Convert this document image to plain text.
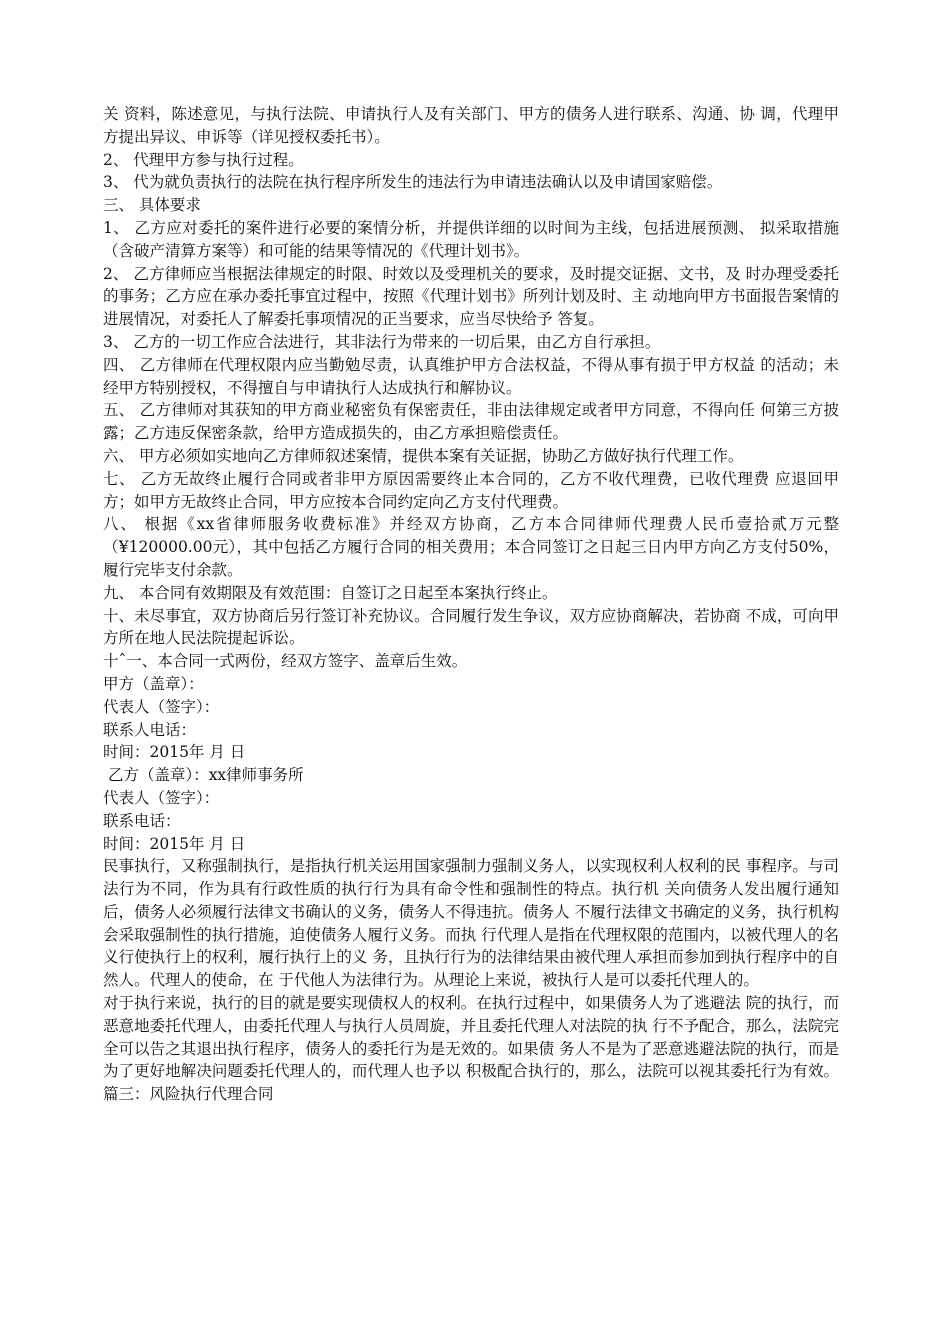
关 资料，陈述意见，与执行法院、申请执行人及有关部门、甲方的债务人进行联系、沟通、协 调，代理甲方提出异议、申诉等（详见授权委托书）。

2、 代理甲方参与执行过程。

3、 代为就负责执行的法院在执行程序所发生的违法行为申请违法确认以及申请国家赔偿。

三、 具体要求

1、 乙方应对委托的案件进行必要的案情分析，并提供详细的以时间为主线，包括进展预测、 拟采取措施（含破产清算方案等）和可能的结果等情况的《代理计划书》。

2、 乙方律师应当根据法律规定的时限、时效以及受理机关的要求，及时提交证据、文书，及 时办理受委托的事务；乙方应在承办委托事宜过程中，按照《代理计划书》所列计划及时、主 动地向甲方书面报告案情的进展情况，对委托人了解委托事项情况的正当要求，应当尽快给予 答复。

3、 乙方的一切工作应合法进行，其非法行为带来的一切后果，由乙方自行承担。

四、 乙方律师在代理权限内应当勤勉尽责，认真维护甲方合法权益，不得从事有损于甲方权益 的活动；未经甲方特别授权，不得擅自与申请执行人达成执行和解协议。

五、 乙方律师对其获知的甲方商业秘密负有保密责任，非由法律规定或者甲方同意，不得向任 何第三方披露；乙方违反保密条款，给甲方造成损失的，由乙方承担赔偿责任。

六、 甲方必须如实地向乙方律师叙述案情，提供本案有关证据，协助乙方做好执行代理工作。

七、 乙方无故终止履行合同或者非甲方原因需要终止本合同的，乙方不收代理费，已收代理费 应退回甲方；如甲方无故终止合同，甲方应按本合同约定向乙方支付代理费。

八、 根据《xx省律师服务收费标准》并经双方协商，乙方本合同律师代理费人民币壹拾贰万元整（¥120000.00元），其中包括乙方履行合同的相关费用；本合同签订之日起三日内甲方向乙方支付50%，履行完毕支付余款。

九、 本合同有效期限及有效范围：自签订之日起至本案执行终止。

十、未尽事宜，双方协商后另行签订补充协议。合同履行发生争议，双方应协商解决，若协商 不成，可向甲方所在地人民法院提起诉讼。

十ˆ一、本合同一式两份，经双方签字、盖章后生效。

甲方（盖章）：

代表人（签字）：

联系人电话：

时间：2015年 月 日

乙方（盖章）：xx律师事务所

代表人（签字）：

联系电话：

时间：2015年 月 日

民事执行，又称强制执行，是指执行机关运用国家强制力强制义务人，以实现权利人权利的民 事程序。与司法行为不同，作为具有行政性质的执行行为具有命令性和强制性的特点。执行机 关向债务人发出履行通知后，债务人必须履行法律文书确认的义务，债务人不得违抗。债务人 不履行法律文书确定的义务，执行机构会采取强制性的执行措施，迫使债务人履行义务。而执 行代理人是指在代理权限的范围内，以被代理人的名义行使执行上的权利，履行执行上的义 务，且执行行为的法律结果由被代理人承担而参加到执行程序中的自然人。代理人的使命，在 于代他人为法律行为。从理论上来说，被执行人是可以委托代理人的。

对于执行来说，执行的目的就是要实现债权人的权利。在执行过程中，如果债务人为了逃避法 院的执行，而恶意地委托代理人，由委托代理人与执行人员周旋，并且委托代理人对法院的执 行不予配合，那么，法院完全可以告之其退出执行程序，债务人的委托行为是无效的。如果债 务人不是为了恶意逃避法院的执行，而是为了更好地解决问题委托代理人的，而代理人也予以 积极配合执行的，那么，法院可以视其委托行为有效。篇三：风险执行代理合同
